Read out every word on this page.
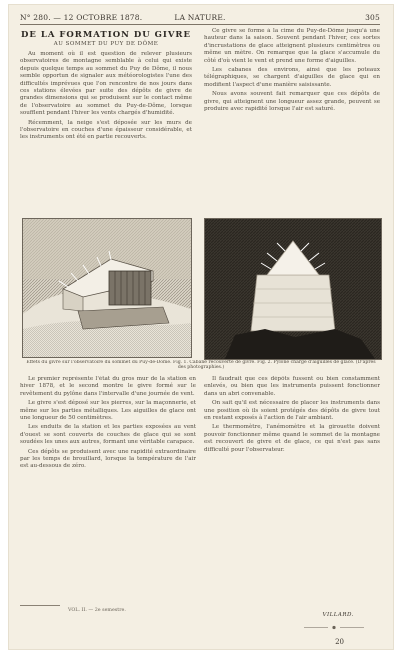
N° 280. — 12 OCTOBRE 1878.	LA NATURE.	305
DE LA FORMATION DU GIVRE
AU SOMMET DU PUY DE DÔME

Au moment où il est question de relever plusieurs observatoires de montagne semblable à celui qui existe depuis quelque temps au sommet du Puy de Dôme, il nous semble opportun de signaler aux météorologistes l'une des difficultés imprévues que l'on rencontre de nos jours dans ces stations élevées par suite des dépôts de givre de grandes dimensions qui se produisent sur le contact même de l'observatoire au sommet du Puy-de-Dôme, lorsque soufflent pendant l'hiver les vents chargés d'humidité.

Récemment, la neige s'est déposée sur les murs de l'observatoire en couches d'une épaisseur considérable, et les instruments ont été en partie recouverts.

Ce givre se forme à la cime du Puy-de-Dôme jusqu'à une hauteur dans la saison. Souvent pendant l'hiver, ces sortes d'incrustations de glace atteignent plusieurs centimètres ou même un mètre. On remarque que la glace s'accumule du côté d'où vient le vent et prend une forme d'aiguilles.

Les cabanes des environs, ainsi que les poteaux télégraphiques, se chargent d'aiguilles de glace qui en modifient l'aspect d'une manière saisissante.

Nous avons souvent fait remarquer que ces dépôts de givre, qui atteignent une longueur assez grande, peuvent se produire avec rapidité lorsque l'air est saturé.

Effets du givre sur l'observatoire du sommet du Puy-de-Dôme. Fig. 1. Cabane recouverte de givre. Fig. 2. Pylône chargé d'aiguilles de glace. (D'après des photographies.)

Le premier représente l'état du gros mur de la station en hiver 1878, et le second montre le givre formé sur le revêtement du pylône dans l'intervalle d'une journée de vent.

Le givre s'est déposé sur les pierres, sur la maçonnerie, et même sur les parties métalliques. Les aiguilles de glace ont une longueur de 50 centimètres.

Les enduits de la station et les parties exposées au vent d'ouest se sont couverts de couches de glace qui se sont soudées les unes aux autres, formant une véritable carapace.

Ces dépôts se produisent avec une rapidité extraordinaire par les temps de brouillard, lorsque la température de l'air est au-dessous de zéro.

Il faudrait que ces dépôts fussent ou bien constamment enlevés, ou bien que les instruments puissent fonctionner dans un abri convenable.

On sait qu'il est nécessaire de placer les instruments dans une position où ils soient protégés des dépôts de givre tout en restant exposés à l'action de l'air ambiant.

Le thermomètre, l'anémomètre et la girouette doivent pouvoir fonctionner même quand le sommet de la montagne est recouvert de givre et de glace, ce qui n'est pas sans difficulté pour l'observateur.

VOL. II. — 2e semestre.
VILLARD.
20
